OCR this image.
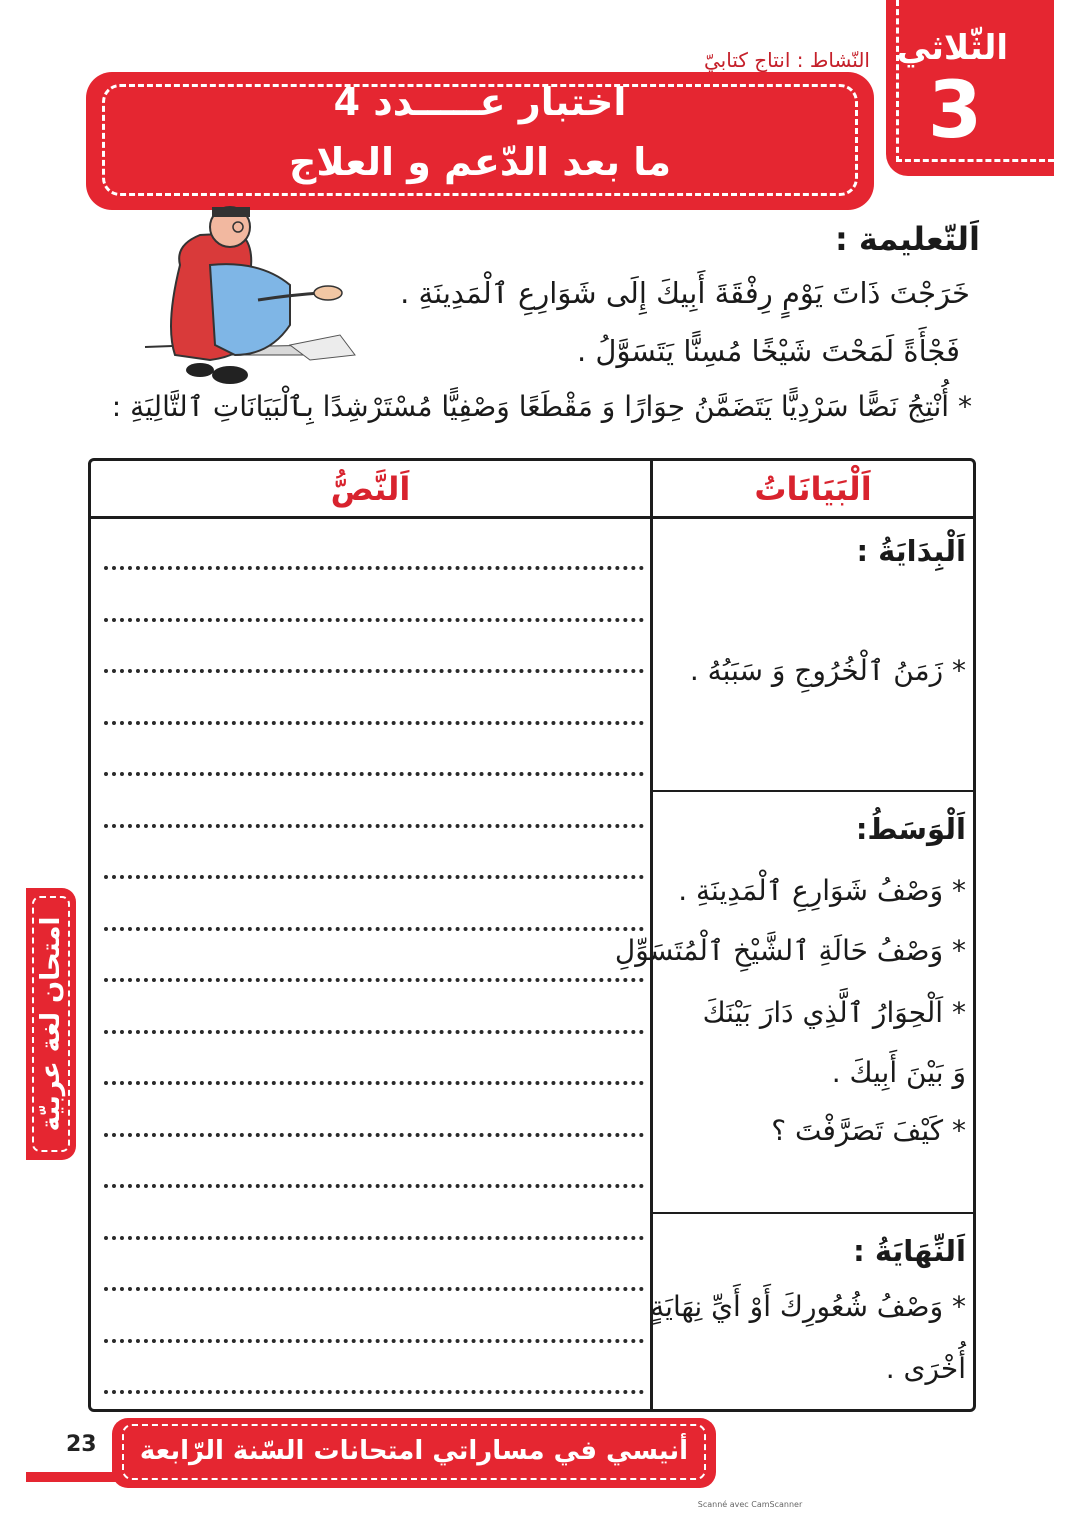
الثّلاثي
3
النّشاط : انتاج كتابيّ
اختبار عـــــدد 4
ما بعد الدّعم و العلاج
اَلتّعليمة :
خَرَجْتَ ذَاتَ يَوْمٍ رِفْقَةَ أَبِيكَ إِلَى شَوَارِعِ ٱلْمَدِينَةِ .
فَجْأَةً لَمَحْتَ شَيْخًا مُسِنًّا يَتَسَوَّلُ .
* أُنْتِجُ نَصًّا سَرْدِيًّا يَتَضَمَّنُ حِوَارًا وَ مَقْطَعًا وَصْفِيًّا مُسْتَرْشِدًا بِٱلْبَيَانَاتِ ٱلتَّالِيَةِ :
اَلْبَيَانَاتُ
اَلنَّصُّ
اَلْبِدَايَةُ :
* زَمَنُ ٱلْخُرُوجِ وَ سَبَبُهُ .
اَلْوَسَطُ:
* وَصْفُ شَوَارِعِ ٱلْمَدِينَةِ .
* وَصْفُ حَالَةِ ٱلشَّيْخِ ٱلْمُتَسَوِّلِ
* اَلْحِوَارُ ٱلَّذِي دَارَ بَيْنَكَ
وَ بَيْنَ أَبِيكَ .
* كَيْفَ تَصَرَّفْتَ ؟
اَلنِّهَايَةُ :
* وَصْفُ شُعُورِكَ أَوْ أَيِّ نِهَايَةٍ
أُخْرَى .
امتحان لغة عربيّة
23	أنيسي في مساراتي امتحانات السّنة الرّابعة
Scanné avec CamScanner
